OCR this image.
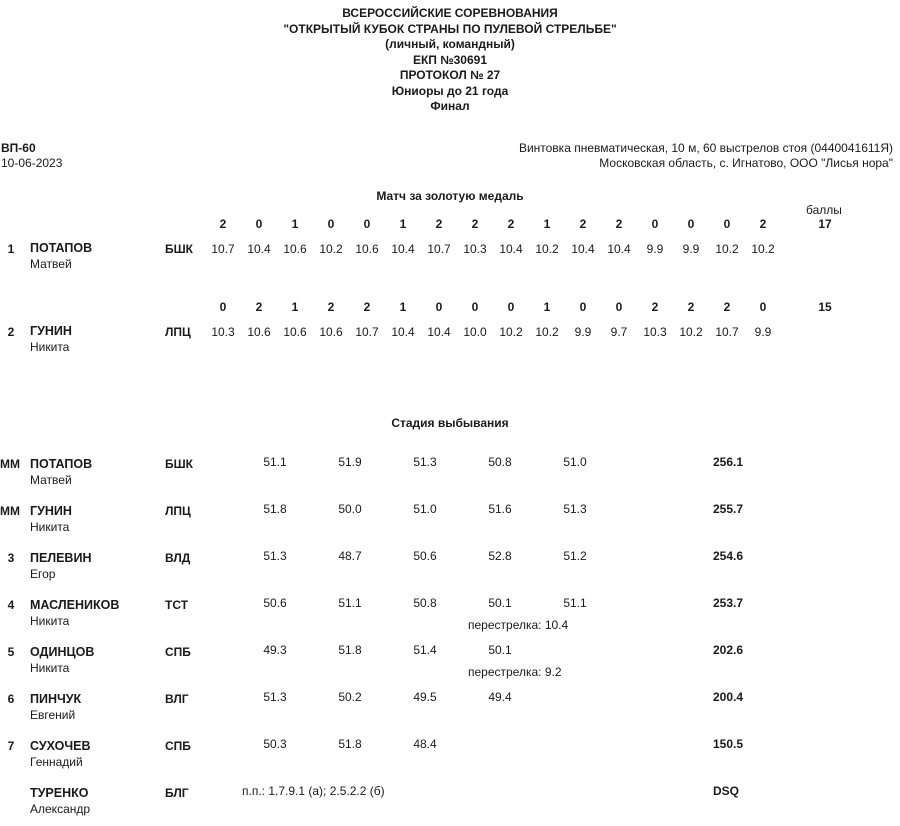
ВСЕРОССИЙСКИЕ СОРЕВНОВАНИЯ
"ОТКРЫТЫЙ КУБОК СТРАНЫ ПО ПУЛЕВОЙ СТРЕЛЬБЕ"
(личный, командный)
ЕКП №30691
ПРОТОКОЛ № 27
Юниоры до 21 года
Финал
ВП-60
10-06-2023
Винтовка пневматическая, 10 м, 60 выстрелов стоя (0440041611Я)
Московская область, с. Игнатово, ООО "Лисья нора"
Матч за золотую медаль
баллы
2	0	1	0	0	1	2	2	2	1	2	2	0	0	0	2	17
1	ПОТАПОВ
Матвей
БШК	10.7	10.4	10.6	10.2	10.6	10.4	10.7	10.3	10.4	10.2	10.4	10.4	9.9	9.9	10.2	10.2
0	2	1	2	2	1	0	0	0	1	0	0	2	2	2	0	15
2	ГУНИН
Никита
ЛПЦ	10.3	10.6	10.6	10.6	10.7	10.4	10.4	10.0	10.2	10.2	9.9	9.7	10.3	10.2	10.7	9.9
Стадия выбывания
ММ ПОТАПОВ
Матвей
БШК	51.1	51.9	51.3	50.8	51.0	256.1
ММ ГУНИН
Никита
ЛПЦ	51.8	50.0	51.0	51.6	51.3	255.7
3	ПЕЛЕВИН
Егор
ВЛД	51.3	48.7	50.6	52.8	51.2	254.6
4	МАСЛЕНИКОВ
Никита
ТСТ	50.6	51.1	50.8	50.1	51.1	253.7
перестрелка: 10.4
5	ОДИНЦОВ
Никита
СПБ	49.3	51.8	51.4	50.1	202.6
перестрелка: 9.2
6	ПИНЧУК
Евгений
ВЛГ	51.3	50.2	49.5	49.4	200.4
7	СУХОЧЕВ
Геннадий
СПБ	50.3	51.8	48.4	150.5
ТУРЕНКО
Александр
БЛГ	DSQ
п.п.: 1.7.9.1 (а); 2.5.2.2 (б)
